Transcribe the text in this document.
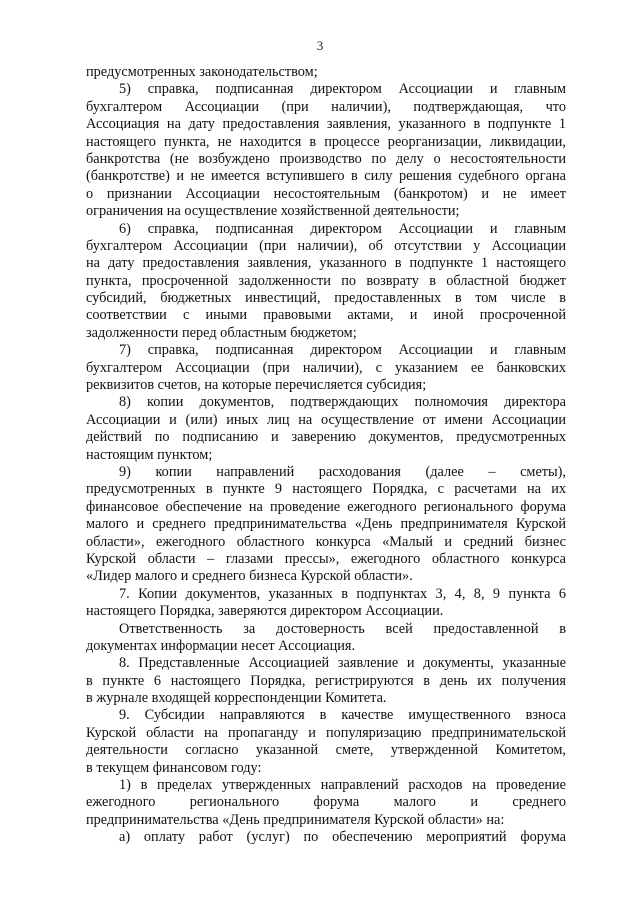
3
предусмотренных законодательством;
5) справка, подписанная директором Ассоциации и главным
бухгалтером Ассоциации (при наличии), подтверждающая, что
Ассоциация на дату предоставления заявления, указанного в подпункте 1
настоящего пункта, не находится в процессе реорганизации, ликвидации,
банкротства (не возбуждено производство по делу о несостоятельности
(банкротстве) и не имеется вступившего в силу решения судебного органа
о признании Ассоциации несостоятельным (банкротом) и не имеет
ограничения на осуществление хозяйственной деятельности;
6) справка, подписанная директором Ассоциации и главным
бухгалтером Ассоциации (при наличии), об отсутствии у Ассоциации
на дату предоставления заявления, указанного в подпункте 1 настоящего
пункта, просроченной задолженности по возврату в областной бюджет
субсидий, бюджетных инвестиций, предоставленных в том числе в
соответствии с иными правовыми актами, и иной просроченной
задолженности перед областным бюджетом;
7) справка, подписанная директором Ассоциации и главным
бухгалтером Ассоциации (при наличии), с указанием ее банковских
реквизитов счетов, на которые перечисляется субсидия;
8) копии документов, подтверждающих полномочия директора
Ассоциации и (или) иных лиц на осуществление от имени Ассоциации
действий по подписанию и заверению документов, предусмотренных
настоящим пунктом;
9) копии направлений расходования (далее – сметы),
предусмотренных в пункте 9 настоящего Порядка, с расчетами на их
финансовое обеспечение на проведение ежегодного регионального форума
малого и среднего предпринимательства «День предпринимателя Курской
области», ежегодного областного конкурса «Малый и средний бизнес
Курской области – глазами прессы», ежегодного областного конкурса
«Лидер малого и среднего бизнеса Курской области».
7. Копии документов, указанных в подпунктах 3, 4, 8, 9 пункта 6
настоящего Порядка, заверяются директором Ассоциации.
Ответственность за достоверность всей предоставленной в
документах информации несет Ассоциация.
8. Представленные Ассоциацией заявление и документы, указанные
в пункте 6 настоящего Порядка, регистрируются в день их получения
в журнале входящей корреспонденции Комитета.
9. Субсидии направляются в качестве имущественного взноса
Курской области на пропаганду и популяризацию предпринимательской
деятельности согласно указанной смете, утвержденной Комитетом,
в текущем финансовом году:
1) в пределах утвержденных направлений расходов на проведение
ежегодного регионального форума малого и среднего
предпринимательства «День предпринимателя Курской области» на:
а) оплату работ (услуг) по обеспечению мероприятий форума
